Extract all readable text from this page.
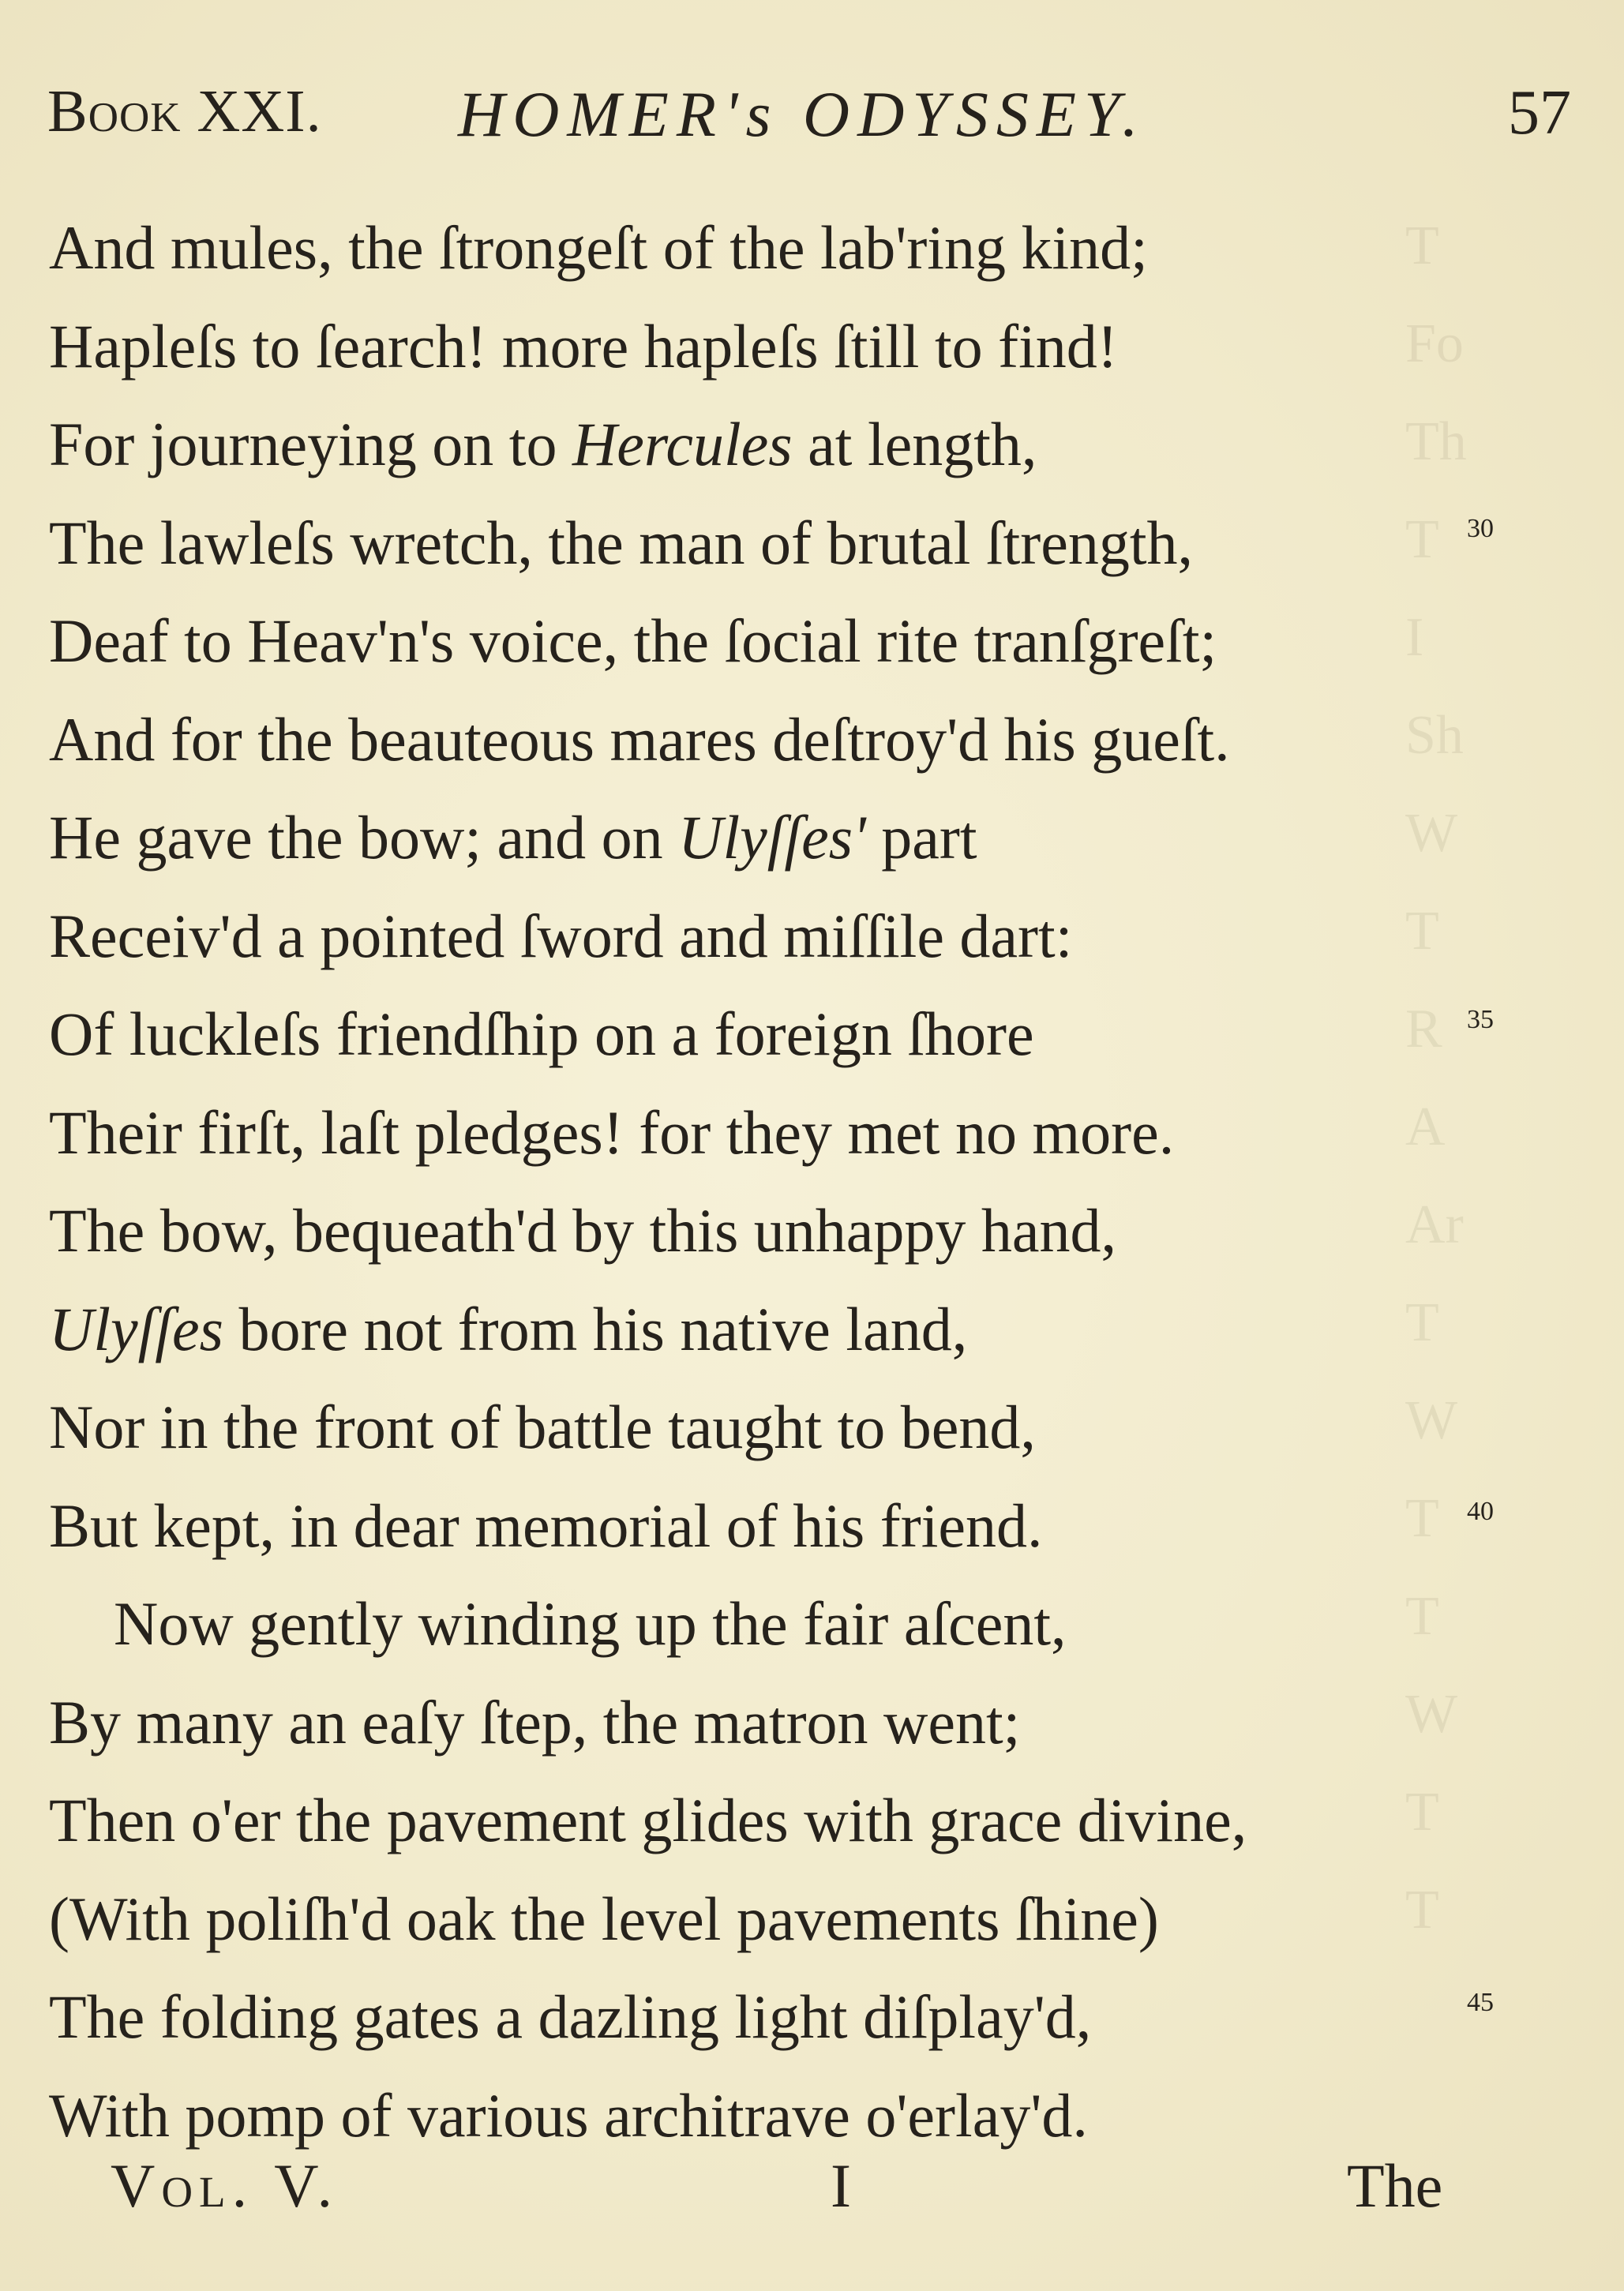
T
Fo
Th
T
I
Sh
W
T
R
A
Ar
T
W
T
T
W
T
T
Book XXI. HOMER's ODYSSEY.	57
And mules, the ſtrongeſt of the lab'ring kind;
Hapleſs to ſearch! more hapleſs ſtill to find!
For journeying on to Hercules at length,
The lawleſs wretch, the man of brutal ſtrength,	30
Deaf to Heav'n's voice, the ſocial rite tranſgreſt;
And for the beauteous mares deſtroy'd his gueſt.
He gave the bow; and on Ulyſſes' part
Receiv'd a pointed ſword and miſſile dart:
Of luckleſs friendſhip on a foreign ſhore	35
Their firſt, laſt pledges! for they met no more.
The bow, bequeath'd by this unhappy hand,
Ulyſſes bore not from his native land,
Nor in the front of battle taught to bend,
But kept, in dear memorial of his friend.	40
Now gently winding up the fair aſcent,
By many an eaſy ſtep, the matron went;
Then o'er the pavement glides with grace divine,
(With poliſh'd oak the level pavements ſhine)
The folding gates a dazling light diſplay'd,	45
With pomp of various architrave o'erlay'd.
Vol. V.	I	The
